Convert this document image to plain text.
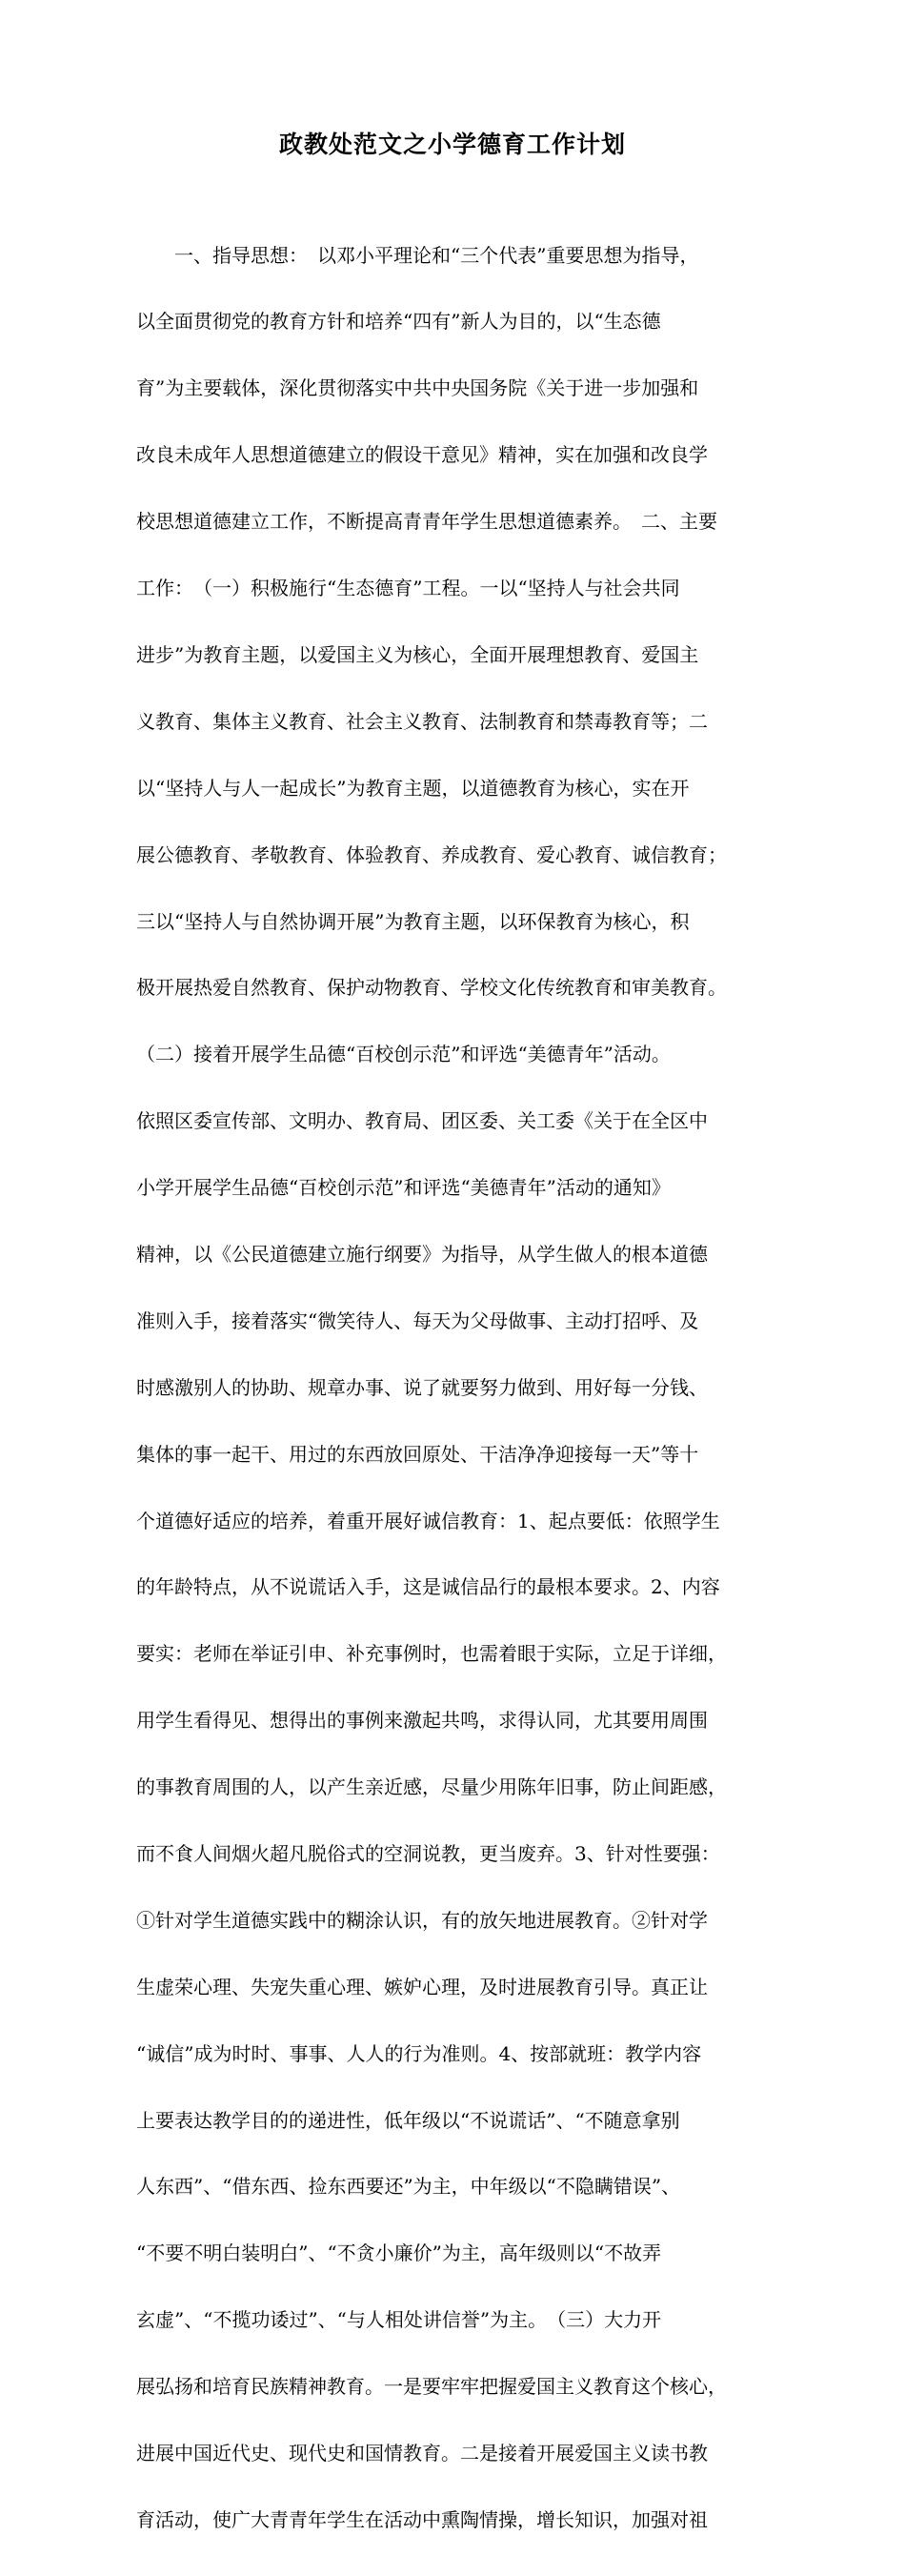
政教处范文之小学德育工作计划

　　一、指导思想：　以邓小平理论和“三个代表”重要思想为指导，

以全面贯彻党的教育方针和培养“四有”新人为目的，以“生态德

育”为主要载体，深化贯彻落实中共中央国务院《关于进一步加强和

改良未成年人思想道德建立的假设干意见》精神，实在加强和改良学

校思想道德建立工作，不断提高青青年学生思想道德素养。　二、主要

工作：　（一）积极施行“生态德育”工程。一以“坚持人与社会共同

进步”为教育主题，以爱国主义为核心，全面开展理想教育、爱国主

义教育、集体主义教育、社会主义教育、法制教育和禁毒教育等；二

以“坚持人与人一起成长”为教育主题，以道德教育为核心，实在开

展公德教育、孝敬教育、体验教育、养成教育、爱心教育、诚信教育；

三以“坚持人与自然协调开展”为教育主题，以环保教育为核心，积

极开展热爱自然教育、保护动物教育、学校文化传统教育和审美教育。

（二）接着开展学生品德“百校创示范”和评选“美德青年”活动。

依照区委宣传部、文明办、教育局、团区委、关工委《关于在全区中

小学开展学生品德“百校创示范”和评选“美德青年”活动的通知》

精神，以《公民道德建立施行纲要》为指导，从学生做人的根本道德

准则入手，接着落实“微笑待人、每天为父母做事、主动打招呼、及

时感激别人的协助、规章办事、说了就要努力做到、用好每一分钱、

集体的事一起干、用过的东西放回原处、干洁净净迎接每一天”等十

个道德好适应的培养，着重开展好诚信教育：1、起点要低：依照学生

的年龄特点，从不说谎话入手，这是诚信品行的最根本要求。2、内容

要实：老师在举证引申、补充事例时，也需着眼于实际，立足于详细，

用学生看得见、想得出的事例来激起共鸣，求得认同，尤其要用周围

的事教育周围的人，以产生亲近感，尽量少用陈年旧事，防止间距感，

而不食人间烟火超凡脱俗式的空洞说教，更当废弃。3、针对性要强：

①针对学生道德实践中的糊涂认识，有的放矢地进展教育。②针对学

生虚荣心理、失宠失重心理、嫉妒心理，及时进展教育引导。真正让

“诚信”成为时时、事事、人人的行为准则。4、按部就班：教学内容

上要表达教学目的的递进性，低年级以“不说谎话”、“不随意拿别

人东西”、“借东西、捡东西要还”为主，中年级以“不隐瞒错误”、

“不要不明白装明白”、“不贪小廉价”为主，高年级则以“不故弄

玄虚”、“不揽功诿过”、“与人相处讲信誉”为主。　（三）大力开

展弘扬和培育民族精神教育。一是要牢牢把握爱国主义教育这个核心，

进展中国近代史、现代史和国情教育。二是接着开展爱国主义读书教

育活动，使广大青青年学生在活动中熏陶情操，增长知识，加强对祖
